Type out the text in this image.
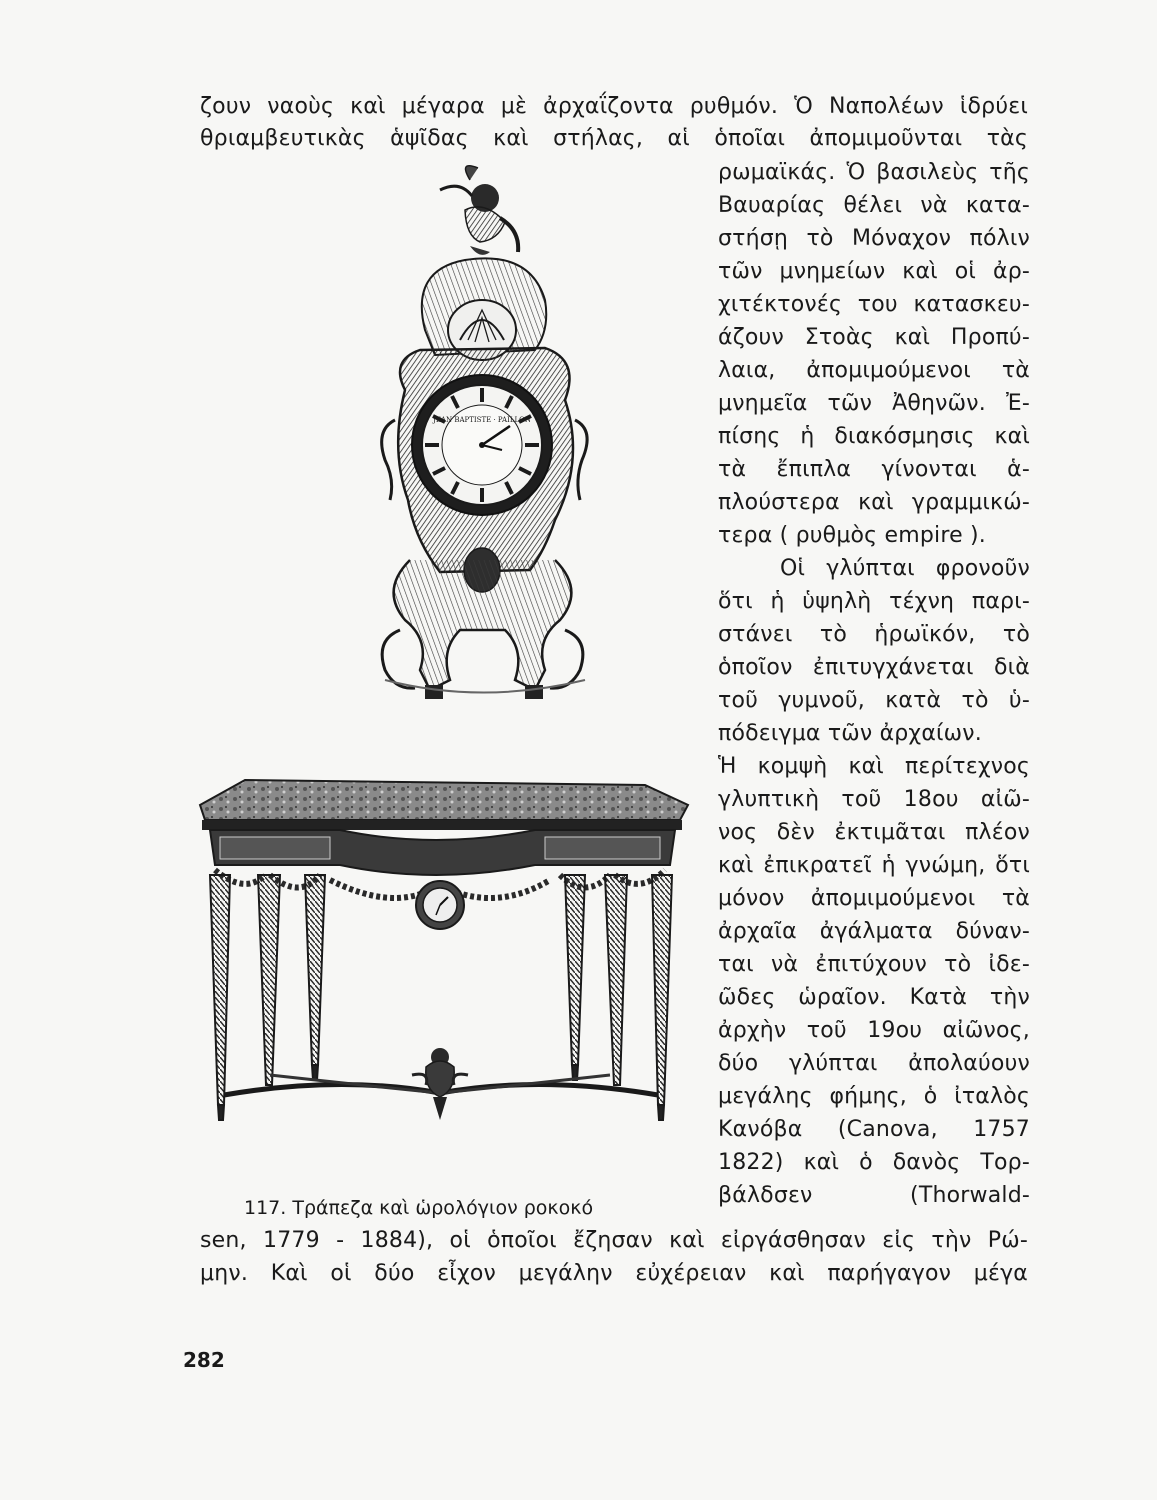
ζουν ναοὺς καὶ μέγαρα μὲ ἀρχαΐζοντα ρυθμόν. Ὁ Ναπολέων ἱδρύει
θριαμβευτικὰς ἁψῖδας καὶ στήλας, αἱ ὁποῖαι ἀπομιμοῦνται τὰς
ρωμαϊκάς. Ὁ βασιλεὺς τῆς
Βαυαρίας θέλει νὰ κατα-
στήσῃ τὸ Μόναχον πόλιν
τῶν μνημείων καὶ οἱ ἀρ-
χιτέκτονές του κατασκευ-
άζουν Στοὰς καὶ Προπύ-
λαια, ἀπομιμούμενοι τὰ
μνημεῖα τῶν Ἀθηνῶν. Ἐ-
πίσης ἡ διακόσμησις καὶ
τὰ ἔπιπλα γίνονται ἁ-
πλούστερα καὶ γραμμικώ-
τερα ( ρυθμὸς empire ).
Οἱ γλύπται φρονοῦν
ὅτι ἡ ὑψηλὴ τέχνη παρι-
στάνει τὸ ἡρωϊκόν, τὸ
ὁποῖον ἐπιτυγχάνεται διὰ
τοῦ γυμνοῦ, κατὰ τὸ ὑ-
πόδειγμα τῶν ἀρχαίων.
Ἡ κομψὴ καὶ περίτεχνος
γλυπτικὴ τοῦ 18ου αἰῶ-
νος δὲν ἐκτιμᾶται πλέον
καὶ ἐπικρατεῖ ἡ γνώμη, ὅτι
μόνον ἀπομιμούμενοι τὰ
ἀρχαῖα ἀγάλματα δύναν-
ται νὰ ἐπιτύχουν τὸ ἰδε-
ῶδες ὡραῖον. Κατὰ τὴν
ἀρχὴν τοῦ 19ου αἰῶνος,
δύο γλύπται ἀπολαύουν
μεγάλης φήμης, ὁ ἰταλὸς
Κανόβα (Canova, 1757
1822) καὶ ὁ δανὸς Τορ-
βάλδσεν (Thorwald-
sen, 1779 - 1884), οἱ ὁποῖοι ἔζησαν καὶ εἰργάσθησαν εἰς τὴν Ρώ-
μην. Καὶ οἱ δύο εἶχον μεγάλην εὐχέρειαν καὶ παρήγαγον μέγα
JEAN BAPTISTE · PAILLON
117. Τράπεζα καὶ ὡρολόγιον ροκοκό
282
